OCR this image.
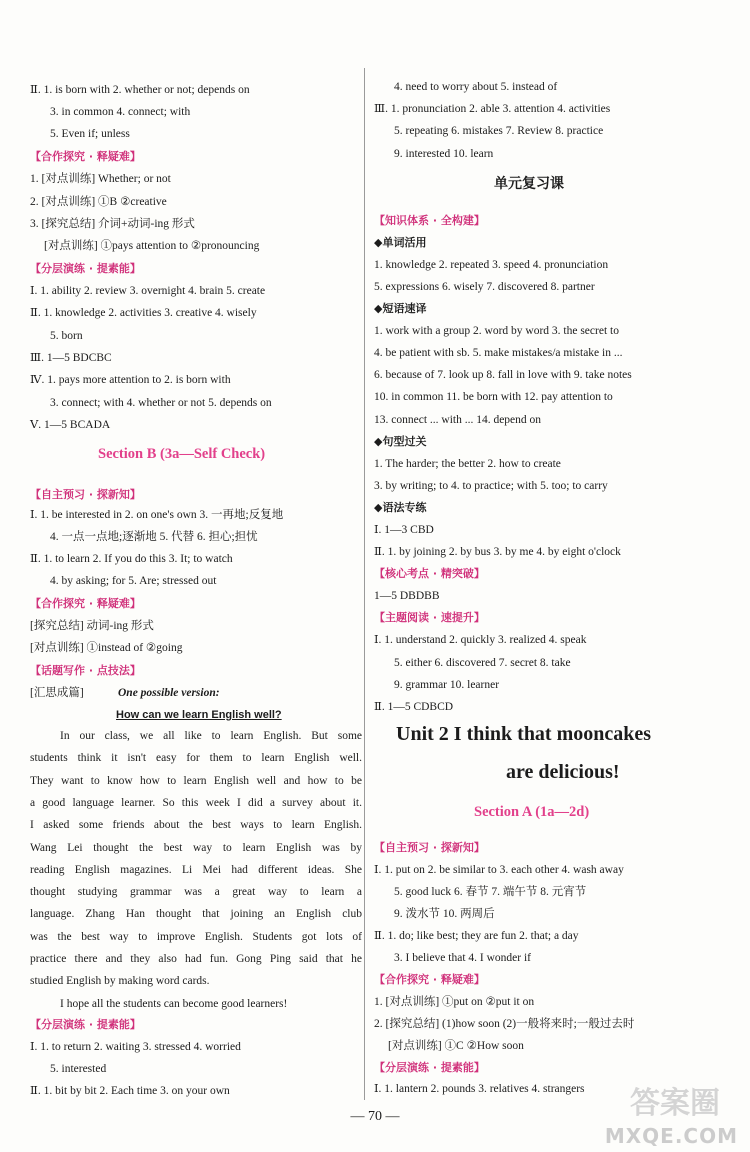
Section B (3a—Self Check)
One possible version:
How can we learn English well?
In our class, we all like to learn English. But some
students think it isn't easy for them to learn English well.
They want to know how to learn English well and how to be
a good language learner. So this week I did a survey about it.
I asked some friends about the best ways to learn English.
Wang Lei thought the best way to learn English was by
reading English magazines. Li Mei had different ideas. She
thought studying grammar was a great way to learn a
language. Zhang Han thought that joining an English club
was the best way to improve English. Students got lots of
practice there and they also had fun. Gong Ping said that he
studied English by making word cards.
I hope all the students can become good learners!
Ⅱ. 1. is born with 2. whether or not; depends on
3. in common 4. connect; with
5. Even if; unless
【合作探究 · 释疑难】
1. [对点训练] Whether; or not
2. [对点训练] ①B ②creative
3. [探究总结] 介词+动词-ing 形式
[对点训练] ①pays attention to ②pronouncing
【分层演练 · 提素能】
Ⅰ. 1. ability 2. review 3. overnight 4. brain 5. create
Ⅱ. 1. knowledge 2. activities 3. creative 4. wisely
5. born
Ⅲ. 1—5 BDCBC
Ⅳ. 1. pays more attention to 2. is born with
3. connect; with 4. whether or not 5. depends on
Ⅴ. 1—5 BCADA
【自主预习 · 探新知】
Ⅰ. 1. be interested in 2. on one's own 3. 一再地;反复地
4. 一点一点地;逐渐地 5. 代替 6. 担心;担忧
Ⅱ. 1. to learn 2. If you do this 3. It; to watch
4. by asking; for 5. Are; stressed out
【合作探究 · 释疑难】
[探究总结] 动词-ing 形式
[对点训练] ①instead of ②going
【话题写作 · 点技法】
[汇思成篇]
【分层演练 · 提素能】
Ⅰ. 1. to return 2. waiting 3. stressed 4. worried
5. interested
Ⅱ. 1. bit by bit 2. Each time 3. on your own
单元复习课
Unit 2 I think that mooncakes
are delicious!
Section A (1a—2d)
4. need to worry about 5. instead of
Ⅲ. 1. pronunciation 2. able 3. attention 4. activities
5. repeating 6. mistakes 7. Review 8. practice
9. interested 10. learn
【知识体系 · 全构建】
◆单词活用
1. knowledge 2. repeated 3. speed 4. pronunciation
5. expressions 6. wisely 7. discovered 8. partner
◆短语速译
1. work with a group 2. word by word 3. the secret to
4. be patient with sb. 5. make mistakes/a mistake in ...
6. because of 7. look up 8. fall in love with 9. take notes
10. in common 11. be born with 12. pay attention to
13. connect ... with ... 14. depend on
◆句型过关
1. The harder; the better 2. how to create
3. by writing; to 4. to practice; with 5. too; to carry
◆语法专练
Ⅰ. 1—3 CBD
Ⅱ. 1. by joining 2. by bus 3. by me 4. by eight o'clock
【核心考点 · 精突破】
1—5 DBDBB
【主题阅读 · 速提升】
Ⅰ. 1. understand 2. quickly 3. realized 4. speak
5. either 6. discovered 7. secret 8. take
9. grammar 10. learner
Ⅱ. 1—5 CDBCD
【自主预习 · 探新知】
Ⅰ. 1. put on 2. be similar to 3. each other 4. wash away
5. good luck 6. 春节 7. 端午节 8. 元宵节
9. 泼水节 10. 两周后
Ⅱ. 1. do; like best; they are fun 2. that; a day
3. I believe that 4. I wonder if
【合作探究 · 释疑难】
1. [对点训练] ①put on ②put it on
2. [探究总结] (1)how soon (2)一般将来时;一般过去时
[对点训练] ①C ②How soon
【分层演练 · 提素能】
Ⅰ. 1. lantern 2. pounds 3. relatives 4. strangers
— 70 —	答案圈
MXQE.COM
